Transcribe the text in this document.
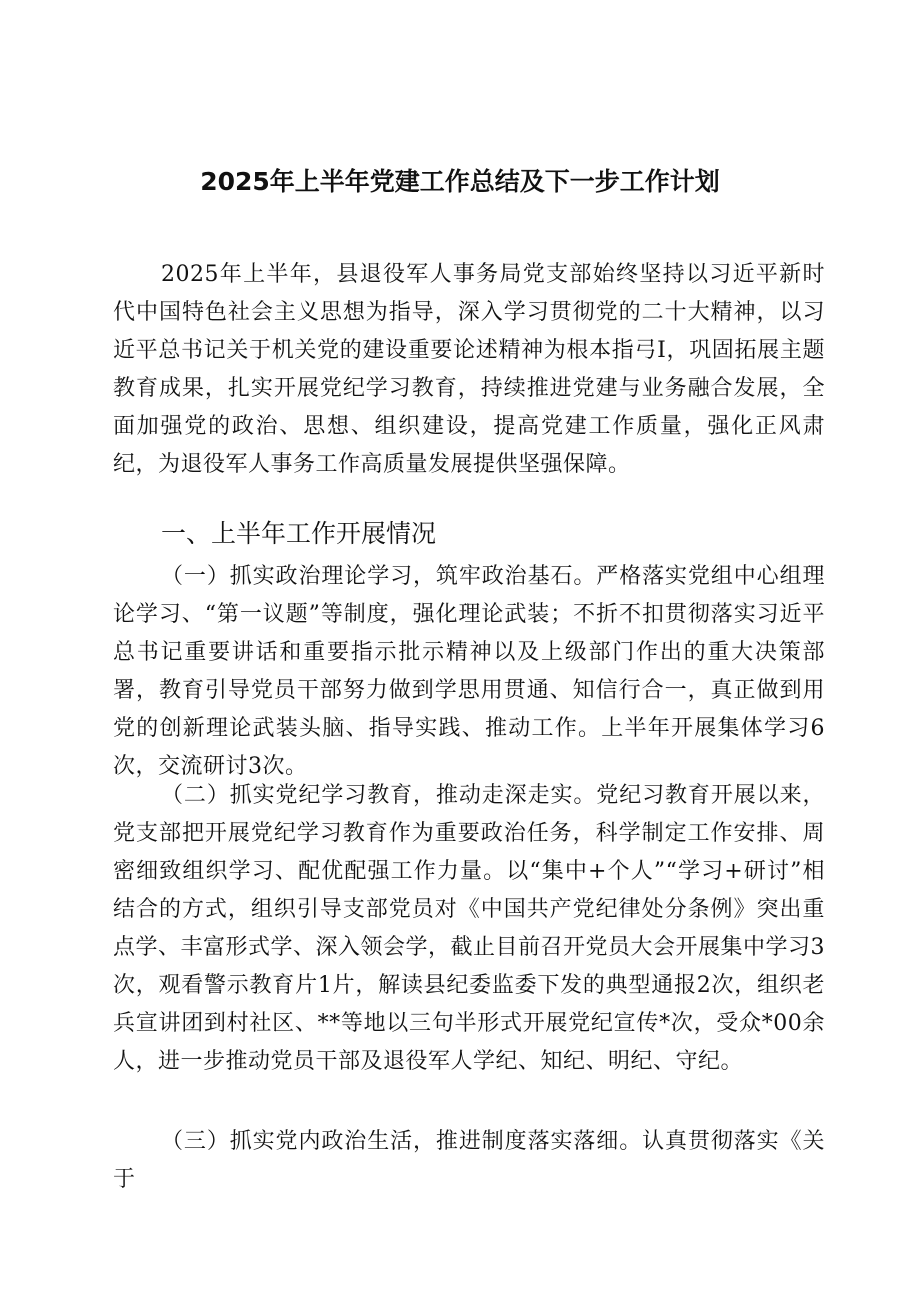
2025年上半年党建工作总结及下一步工作计划

2025年上半年，县退役军人事务局党支部始终坚持以习近平新时代中国特色社会主义思想为指导，深入学习贯彻党的二十大精神，以习近平总书记关于机关党的建设重要论述精神为根本指弓I，巩固拓展主题教育成果，扎实开展党纪学习教育，持续推进党建与业务融合发展，全面加强党的政治、思想、组织建设，提高党建工作质量，强化正风肃纪，为退役军人事务工作高质量发展提供坚强保障。

一、上半年工作开展情况

（一）抓实政治理论学习，筑牢政治基石。严格落实党组中心组理论学习、“第一议题”等制度，强化理论武装；不折不扣贯彻落实习近平总书记重要讲话和重要指示批示精神以及上级部门作出的重大决策部署，教育引导党员干部努力做到学思用贯通、知信行合一，真正做到用党的创新理论武装头脑、指导实践、推动工作。上半年开展集体学习6次，交流研讨3次。

（二）抓实党纪学习教育，推动走深走实。党纪习教育开展以来，党支部把开展党纪学习教育作为重要政治任务，科学制定工作安排、周密细致组织学习、配优配强工作力量。以“集中+个人”“学习+研讨”相结合的方式，组织引导支部党员对《中国共产党纪律处分条例》突出重点学、丰富形式学、深入领会学，截止目前召开党员大会开展集中学习3次，观看警示教育片1片，解读县纪委监委下发的典型通报2次，组织老兵宣讲团到村社区、**等地以三句半形式开展党纪宣传*次，受众*00余人，进一步推动党员干部及退役军人学纪、知纪、明纪、守纪。

（三）抓实党内政治生活，推进制度落实落细。认真贯彻落实《关于
